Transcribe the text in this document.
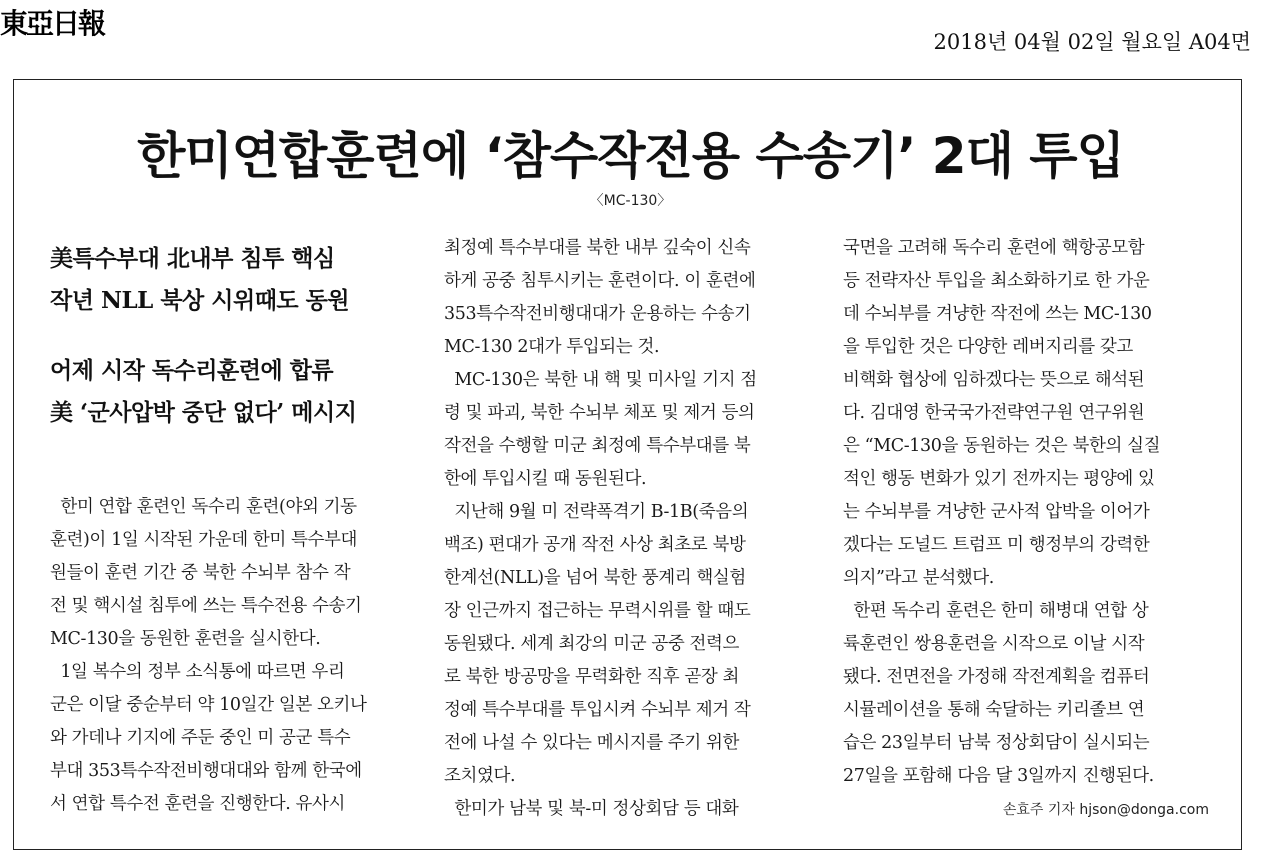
東亞日報
2018년 04월 02일 월요일 A04면
한미연합훈련에 ‘참수작전용 수송기’ 2대 투입
〈MC-130〉
美특수부대 北내부 침투 핵심
작년 NLL 북상 시위때도 동원
어제 시작 독수리훈련에 합류
美 ‘군사압박 중단 없다’ 메시지
한미 연합 훈련인 독수리 훈련(야외 기동
훈련)이 1일 시작된 가운데 한미 특수부대
원들이 훈련 기간 중 북한 수뇌부 참수 작
전 및 핵시설 침투에 쓰는 특수전용 수송기
MC-130을 동원한 훈련을 실시한다.
1일 복수의 정부 소식통에 따르면 우리
군은 이달 중순부터 약 10일간 일본 오키나
와 가데나 기지에 주둔 중인 미 공군 특수
부대 353특수작전비행대대와 함께 한국에
서 연합 특수전 훈련을 진행한다. 유사시
최정예 특수부대를 북한 내부 깊숙이 신속
하게 공중 침투시키는 훈련이다. 이 훈련에
353특수작전비행대대가 운용하는 수송기
MC-130 2대가 투입되는 것.
MC-130은 북한 내 핵 및 미사일 기지 점
령 및 파괴, 북한 수뇌부 체포 및 제거 등의
작전을 수행할 미군 최정예 특수부대를 북
한에 투입시킬 때 동원된다.
지난해 9월 미 전략폭격기 B-1B(죽음의
백조) 편대가 공개 작전 사상 최초로 북방
한계선(NLL)을 넘어 북한 풍계리 핵실험
장 인근까지 접근하는 무력시위를 할 때도
동원됐다. 세계 최강의 미군 공중 전력으
로 북한 방공망을 무력화한 직후 곧장 최
정예 특수부대를 투입시켜 수뇌부 제거 작
전에 나설 수 있다는 메시지를 주기 위한
조치였다.
한미가 남북 및 북-미 정상회담 등 대화
국면을 고려해 독수리 훈련에 핵항공모함
등 전략자산 투입을 최소화하기로 한 가운
데 수뇌부를 겨냥한 작전에 쓰는 MC-130
을 투입한 것은 다양한 레버지리를 갖고
비핵화 협상에 임하겠다는 뜻으로 해석된
다. 김대영 한국국가전략연구원 연구위원
은 “MC-130을 동원하는 것은 북한의 실질
적인 행동 변화가 있기 전까지는 평양에 있
는 수뇌부를 겨냥한 군사적 압박을 이어가
겠다는 도널드 트럼프 미 행정부의 강력한
의지”라고 분석했다.
한편 독수리 훈련은 한미 해병대 연합 상
륙훈련인 쌍용훈련을 시작으로 이날 시작
됐다. 전면전을 가정해 작전계획을 컴퓨터
시뮬레이션을 통해 숙달하는 키리졸브 연
습은 23일부터 남북 정상회담이 실시되는
27일을 포함해 다음 달 3일까지 진행된다.
손효주 기자 hjson@donga.com
